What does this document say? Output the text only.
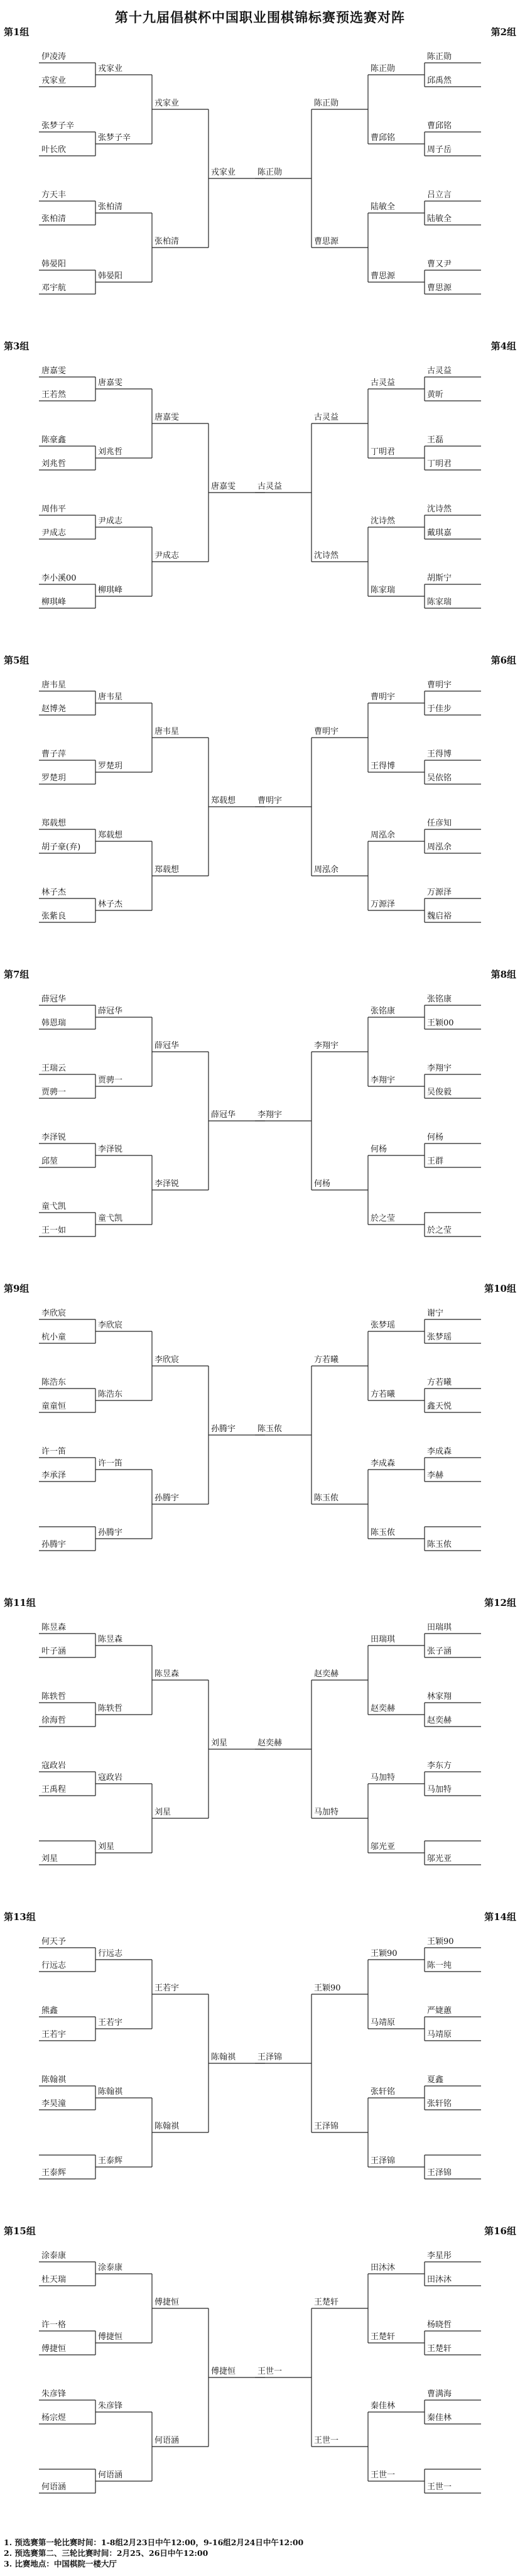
第十九届倡棋杯中国职业围棋锦标赛预选赛对阵
第1组
伊凌涛
戎家业
戎家业
张梦子辛
叶长欣
张梦子辛
方天丰
张柏清
张柏清
韩晏阳
邓宇航
韩晏阳
戎家业
张柏清
戎家业
第2组
陈正勋
邱禹然
陈正勋
曹邱铭
周子岳
曹邱铭
吕立言
陆敏全
陆敏全
曹又尹
曹思源
曹思源
陈正勋
曹思源
陈正勋
第3组
唐嘉雯
王若然
唐嘉雯
陈豪鑫
刘兆哲
刘兆哲
周伟平
尹成志
尹成志
李小溪00
柳琪峰
柳琪峰
唐嘉雯
尹成志
唐嘉雯
第4组
古灵益
黄昕
古灵益
王磊
丁明君
丁明君
沈诗然
戴琪嘉
沈诗然
胡斯宁
陈家瑞
陈家瑞
古灵益
沈诗然
古灵益
第5组
唐韦星
赵博尧
唐韦星
曹子萍
罗楚玥
罗楚玥
郑载想
胡子豪(弃)
郑载想
林子杰
张紫良
林子杰
唐韦星
郑载想
郑载想
第6组
曹明宇
于佳步
曹明宇
王得博
吴依铭
王得博
任彦知
周泓余
周泓余
万源泽
魏启裕
万源泽
曹明宇
周泓余
曹明宇
第7组
薛冠华
韩恩瑞
薛冠华
王瑞云
贾骋一
贾骋一
李泽锐
邱堃
李泽锐
童弋凯
王一如
童弋凯
薛冠华
李泽锐
薛冠华
第8组
张铭康
王颖00
张铭康
李翔宇
吴俊毅
李翔宇
何杨
王群
何杨
於之莹
於之莹
李翔宇
何杨
李翔宇
第9组
李欣宸
杭小童
李欣宸
陈浩东
童童恒
陈浩东
许一笛
李承泽
许一笛
孙腾宇
孙腾宇
李欣宸
孙腾宇
孙腾宇
第10组
谢宁
张梦瑶
张梦瑶
方若曦
鑫天悦
方若曦
李成森
李赫
李成森
陈玉侬
陈玉侬
方若曦
陈玉侬
陈玉侬
第11组
陈昱森
叶子涵
陈昱森
陈轶哲
徐海哲
陈轶哲
寇政岩
王禹程
寇政岩
刘星
刘星
陈昱森
刘星
刘星
第12组
田瑞琪
张子涵
田瑞琪
林家翔
赵奕赫
赵奕赫
李东方
马加特
马加特
邬光亚
邬光亚
赵奕赫
马加特
赵奕赫
第13组
何天予
行远志
行远志
熊鑫
王若宇
王若宇
陈翰祺
李昊潼
陈翰祺
王泰辉
王泰辉
王若宇
陈翰祺
陈翰祺
第14组
王颖90
陈一纯
王颖90
严婕蕙
马靖原
马靖原
夏鑫
张轩铭
张轩铭
王泽锦
王泽锦
王颖90
王泽锦
王泽锦
第15组
涂泰康
杜天瑞
涂泰康
许一格
傅捷恒
傅捷恒
朱彦锋
杨宗煜
朱彦锋
何语涵
何语涵
傅捷恒
何语涵
傅捷恒
第16组
李星彤
田沐沐
田沐沐
杨晓哲
王楚轩
王楚轩
曹满海
秦佳林
秦佳林
王世一
王世一
王楚轩
王世一
王世一
1. 预选赛第一轮比赛时间：1-8组2月23日中午12:00，9-16组2月24日中午12:00
2. 预选赛第二、三轮比赛时间：2月25、26日中午12:00
3. 比赛地点：中国棋院一楼大厅
